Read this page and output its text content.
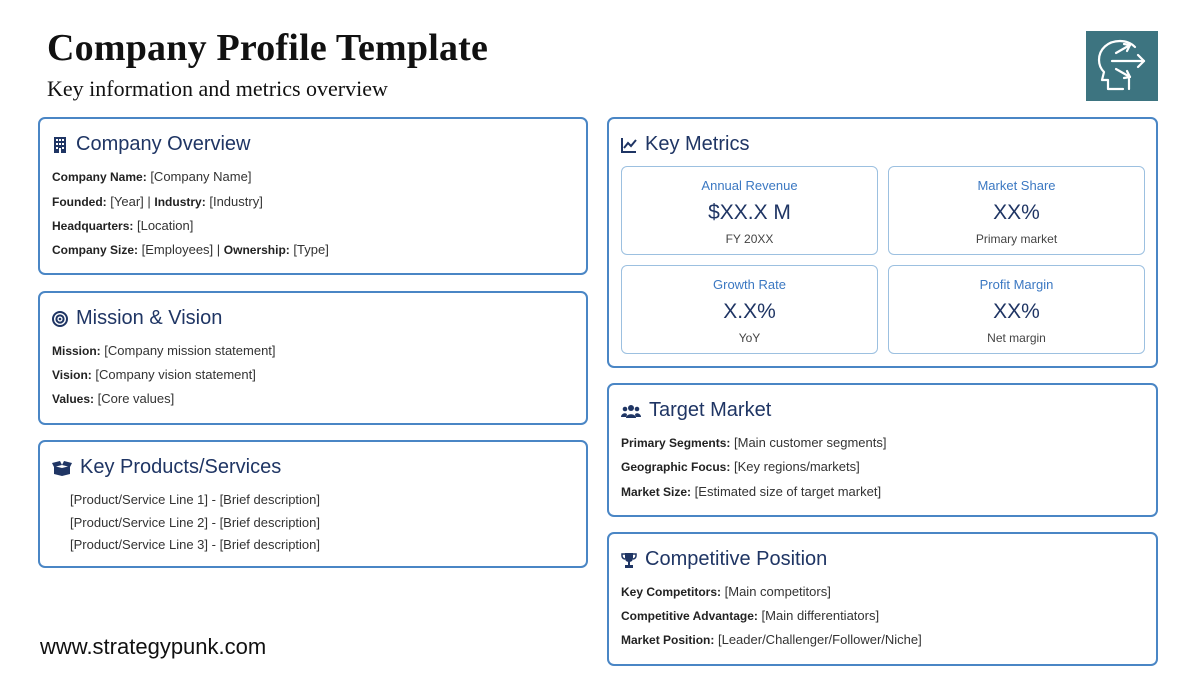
Company Profile Template

Key information and metrics overview

Company Overview
Company Name: [Company Name]
Founded: [Year] | Industry: [Industry]
Headquarters: [Location]
Company Size: [Employees] | Ownership: [Type]
Mission & Vision
Mission: [Company mission statement]
Vision: [Company vision statement]
Values: [Core values]
Key Products/Services
[Product/Service Line 1] - [Brief description]
[Product/Service Line 2] - [Brief description]
[Product/Service Line 3] - [Brief description]
Key Metrics
Annual Revenue
$XX.X M
FY 20XX
Market Share
XX%
Primary market
Growth Rate
X.X%
YoY
Profit Margin
XX%
Net margin
Target Market
Primary Segments: [Main customer segments]
Geographic Focus: [Key regions/markets]
Market Size: [Estimated size of target market]
Competitive Position
Key Competitors: [Main competitors]
Competitive Advantage: [Main differentiators]
Market Position: [Leader/Challenger/Follower/Niche]
www.strategypunk.com
